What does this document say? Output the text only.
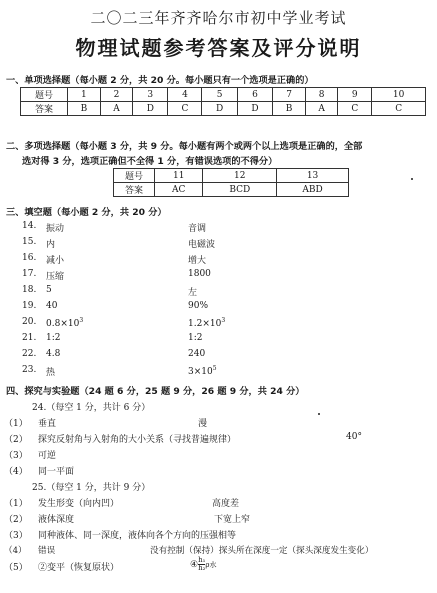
二〇二三年齐齐哈尔市初中学业考试
物理试题参考答案及评分说明
一、单项选择题（每小题 2 分，共 20 分。每小题只有一个选项是正确的）
题号	1	2	3	4	5	6	7	8	9	10
答案	B	A	D	C	D	D	B	A	C	C
二、多项选择题（每小题 3 分，共 9 分。每小题有两个或两个以上选项是正确的，全部
选对得 3 分，选项正确但不全得 1 分，有错误选项的不得分）
题号	11	12	13
答案	AC	BCD	ABD
三、填空题（每小题 2 分，共 20 分）
14. 振动	音调
15. 内	电磁波
16. 减小	增大
17. 压缩	1800
18. 5	左
19. 40	90%
20. $0.8\times 10^3$	$1.2\times 10^3$
21. 1:2	1:2
22. 4.8	240
23. 热	$3\times 10^5$
四、探究与实验题（24 题 6 分，25 题 9 分，26 题 9 分，共 24 分）
24.（每空 1 分，共计 6 分）
（1） 垂直	漫
（2） 探究反射角与入射角的大小关系（寻找普遍规律）	40°
（3） 可逆
（4） 同一平面
25.（每空 1 分，共计 9 分）
（1） 发生形变（向内凹）	高度差
（2） 液体深度	下宽上窄
（3） 同种液体、同一深度，液体向各个方向的压强相等
（4） 错误	没有控制（保持）探头所在深度一定（探头深度发生变化）
（5） ②变平（恢复原状）	④ $\frac{\text{h₁}}{\text{h₂}}$ ρ水
